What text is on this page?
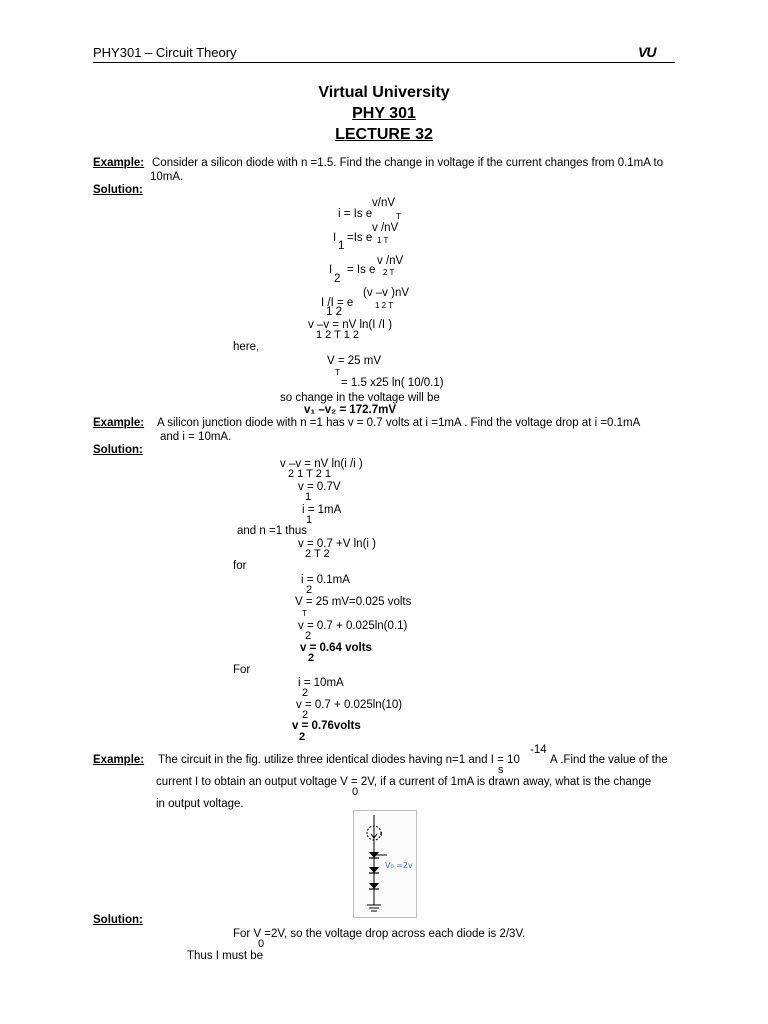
PHY301 – Circuit Theory	VU
Virtual University
PHY 301
LECTURE 32
Example: Consider a silicon diode with n =1.5. Find the change in voltage if the current changes from 0.1mA to
10mA.
Solution:
v/nV
i = Is e	T
v /nV
I
1
=Is e 1 T
v /nV
I
2
= Is e 2 T
(v –v )nV
I /I = e
1 2
1 2 T
v –v = nV ln(I /I )
1 2 T 1 2
here,
V = 25 mV
T
= 1.5 x25 ln( 10/0.1)
so change in the voltage will be
v₁ –v₂ = 172.7mV
Example: A silicon junction diode with n =1 has v = 0.7 volts at i =1mA . Find the voltage drop at i =0.1mA
and i = 10mA.
Solution:
v –v = nV ln(i /i )
2 1 T 2 1
v = 0.7V
1
i = 1mA
1
and n =1 thus
v = 0.7 +V ln(i )
2 T 2
for
i = 0.1mA
2
V = 25 mV=0.025 volts
T
v = 0.7 + 0.025ln(0.1)
2
v = 0.64 volts
2
For
i = 10mA
2
v = 0.7 + 0.025ln(10)
2
v = 0.76volts
2
Example: The circuit in the fig. utilize three identical diodes having n=1 and I = 10
-14
s
A .Find the value of the
current I to obtain an output voltage V = 2V, if a current of 1mA is drawn away, what is the change
0
in output voltage.
I
V₀ =2v
Solution:
For V =2V, so the voltage drop across each diode is 2/3V.
0
Thus I must be
